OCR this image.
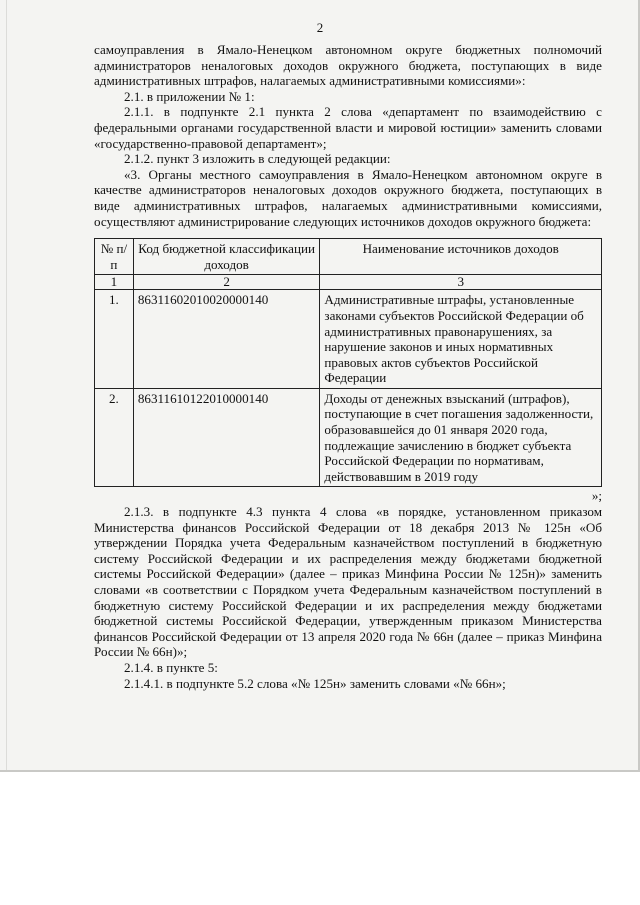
2

самоуправления в Ямало-Ненецком автономном округе бюджетных полномочий администраторов неналоговых доходов окружного бюджета, поступающих в виде административных штрафов, налагаемых административными комиссиями»:

2.1. в приложении № 1:

2.1.1. в подпункте 2.1 пункта 2 слова «департамент по взаимодействию с федеральными органами государственной власти и мировой юстиции» заменить словами «государственно-правовой департамент»;

2.1.2. пункт 3 изложить в следующей редакции:

«3. Органы местного самоуправления в Ямало-Ненецком автономном округе в качестве администраторов неналоговых доходов окружного бюджета, поступающих в виде административных штрафов, налагаемых административными комиссиями, осуществляют администрирование следующих источников доходов окружного бюджета:

№ п/п	Код бюджетной классификации доходов	Наименование источников доходов
1	2	3
1.	86311602010020000140	Административные штрафы, установленные законами субъектов Российской Федерации об административных правонарушениях, за нарушение законов и иных нормативных правовых актов субъектов Российской Федерации
2.	86311610122010000140	Доходы от денежных взысканий (штрафов), поступающие в счет погашения задолженности, образовавшейся до 01 января 2020 года, подлежащие зачислению в бюджет субъекта Российской Федерации по нормативам, действовавшим в 2019 году
»;

2.1.3. в подпункте 4.3 пункта 4 слова «в порядке, установленном приказом Министерства финансов Российской Федерации от 18 декабря 2013 № 125н «Об утверждении Порядка учета Федеральным казначейством поступлений в бюджетную систему Российской Федерации и их распределения между бюджетами бюджетной системы Российской Федерации» (далее – приказ Минфина России № 125н)» заменить словами «в соответствии с Порядком учета Федеральным казначейством поступлений в бюджетную систему Российской Федерации и их распределения между бюджетами бюджетной системы Российской Федерации, утвержденным приказом Министерства финансов Российской Федерации от 13 апреля 2020 года № 66н (далее – приказ Минфина России № 66н)»;

2.1.4. в пункте 5:

2.1.4.1. в подпункте 5.2 слова «№ 125н» заменить словами «№ 66н»;
